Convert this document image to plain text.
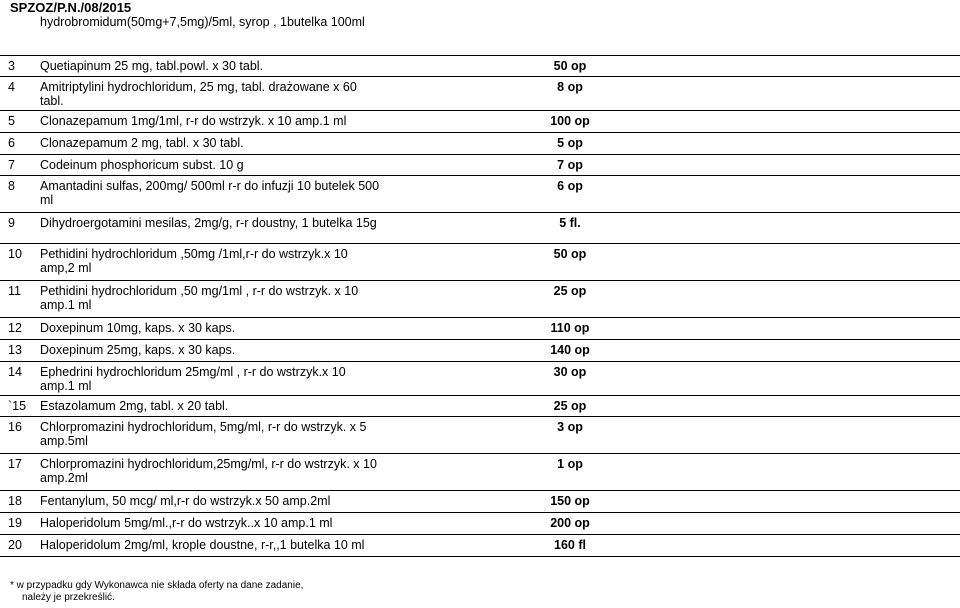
SPZOZ/P.N./08/2015
	hydrobromidum(50mg+7,5mg)/5ml, syrop , 1butelka 100ml			
3	Quetiapinum 25 mg, tabl.powl. x 30 tabl.		50 op	
4	Amitriptylini hydrochloridum, 25 mg, tabl. drażowane x 60 tabl.		8 op	
5	Clonazepamum 1mg/1ml, r-r do wstrzyk. x 10 amp.1 ml		100 op	
6	Clonazepamum 2 mg, tabl. x 30 tabl.		5 op	
7	Codeinum phosphoricum subst. 10 g		7 op	
8	Amantadini sulfas, 200mg/ 500ml r-r do infuzji 10 butelek 500 ml		6 op	
9	Dihydroergotamini mesilas, 2mg/g, r-r doustny, 1 butelka 15g		5 fl.	
10	Pethidini hydrochloridum ,50mg /1ml,r-r do wstrzyk.x 10 amp,2 ml		50 op	
11	Pethidini hydrochloridum ,50 mg/1ml , r-r do wstrzyk. x 10 amp.1 ml		25 op	
12	Doxepinum 10mg, kaps. x 30 kaps.		110 op	
13	Doxepinum 25mg, kaps. x 30 kaps.		140 op	
14	Ephedrini hydrochloridum 25mg/ml , r-r do wstrzyk.x 10 amp.1 ml		30 op	
`15	Estazolamum 2mg, tabl. x 20 tabl.		25 op	
16	Chlorpromazini hydrochloridum, 5mg/ml, r-r do wstrzyk. x 5 amp.5ml		3 op	
17	Chlorpromazini hydrochloridum,25mg/ml, r-r do wstrzyk. x 10 amp.2ml		1 op	
18	Fentanylum, 50 mcg/ ml,r-r do wstrzyk.x 50 amp.2ml		150 op	
19	Haloperidolum 5mg/ml.,r-r do wstrzyk..x 10 amp.1 ml		200 op	
20	Haloperidolum 2mg/ml, krople doustne, r-r,,1 butelka 10 ml		160 fl	
* w przypadku gdy Wykonawca nie składa oferty na dane zadanie,
należy je przekreślić.
